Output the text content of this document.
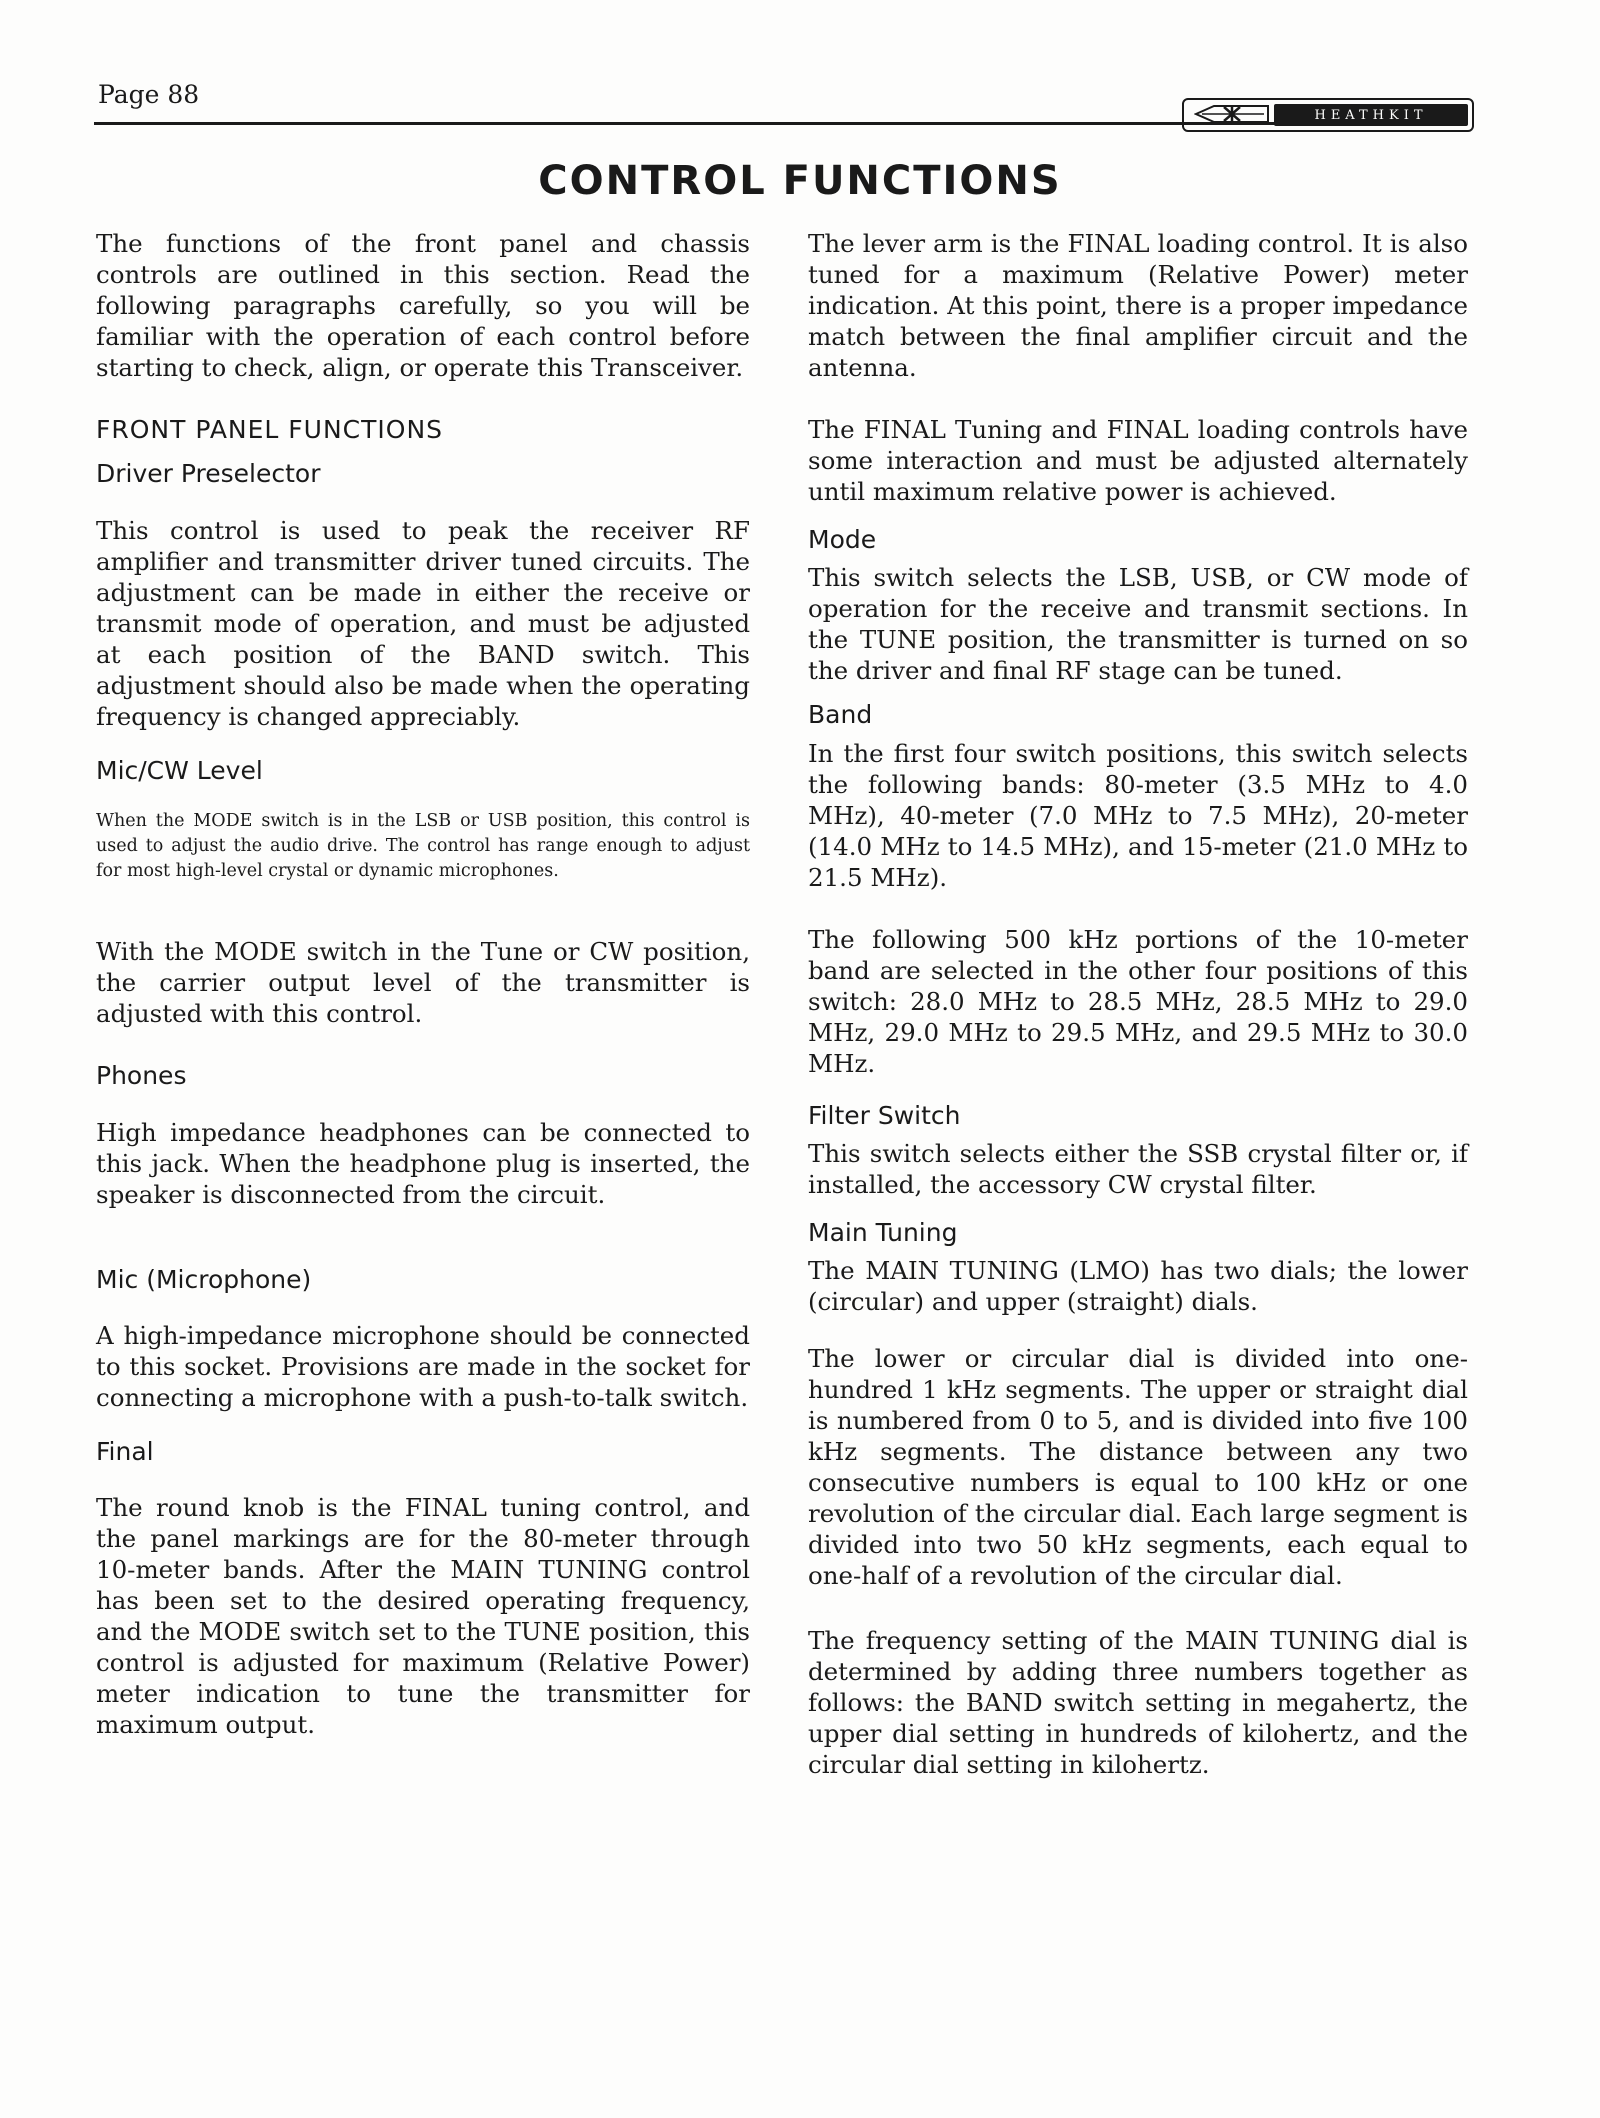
Page 88
HEATHKIT
CONTROL FUNCTIONS

The functions of the front panel and chassis controls are outlined in this section. Read the following paragraphs carefully, so you will be familiar with the operation of each control before starting to check, align, or operate this Transceiver.

FRONT PANEL FUNCTIONS
Driver Preselector

This control is used to peak the receiver RF amplifier and transmitter driver tuned circuits. The adjustment can be made in either the receive or transmit mode of operation, and must be adjusted at each position of the BAND switch. This adjustment should also be made when the operating frequency is changed appreciably.

Mic/CW Level

When the MODE switch is in the LSB or USB position, this control is used to adjust the audio drive. The control has range enough to adjust for most high-level crystal or dynamic microphones.

With the MODE switch in the Tune or CW position, the carrier output level of the transmitter is adjusted with this control.

Phones

High impedance headphones can be connected to this jack. When the headphone plug is inserted, the speaker is disconnected from the circuit.

Mic (Microphone)

A high-impedance microphone should be connected to this socket. Provisions are made in the socket for connecting a microphone with a push-to-talk switch.

Final

The round knob is the FINAL tuning control, and the panel markings are for the 80-meter through 10-meter bands. After the MAIN TUNING control has been set to the desired operating frequency, and the MODE switch set to the TUNE position, this control is adjusted for maximum (Relative Power) meter indication to tune the transmitter for maximum output.

The lever arm is the FINAL loading control. It is also tuned for a maximum (Relative Power) meter indication. At this point, there is a proper impedance match between the final amplifier circuit and the antenna.

The FINAL Tuning and FINAL loading controls have some interaction and must be adjusted alternately until maximum relative power is achieved.

Mode

This switch selects the LSB, USB, or CW mode of operation for the receive and transmit sections. In the TUNE position, the transmitter is turned on so the driver and final RF stage can be tuned.

Band

In the first four switch positions, this switch selects the following bands: 80-meter (3.5 MHz to 4.0 MHz), 40-meter (7.0 MHz to 7.5 MHz), 20-meter (14.0 MHz to 14.5 MHz), and 15-meter (21.0 MHz to 21.5 MHz).

The following 500 kHz portions of the 10-meter band are selected in the other four positions of this switch: 28.0 MHz to 28.5 MHz, 28.5 MHz to 29.0 MHz, 29.0 MHz to 29.5 MHz, and 29.5 MHz to 30.0 MHz.

Filter Switch

This switch selects either the SSB crystal filter or, if installed, the accessory CW crystal filter.

Main Tuning

The MAIN TUNING (LMO) has two dials; the lower (circular) and upper (straight) dials.

The lower or circular dial is divided into one-hundred 1 kHz segments. The upper or straight dial is numbered from 0 to 5, and is divided into five 100 kHz segments. The distance between any two consecutive numbers is equal to 100 kHz or one revolution of the circular dial. Each large segment is divided into two 50 kHz segments, each equal to one-half of a revolution of the circular dial.

The frequency setting of the MAIN TUNING dial is determined by adding three numbers together as follows: the BAND switch setting in megahertz, the upper dial setting in hundreds of kilohertz, and the circular dial setting in kilohertz.
